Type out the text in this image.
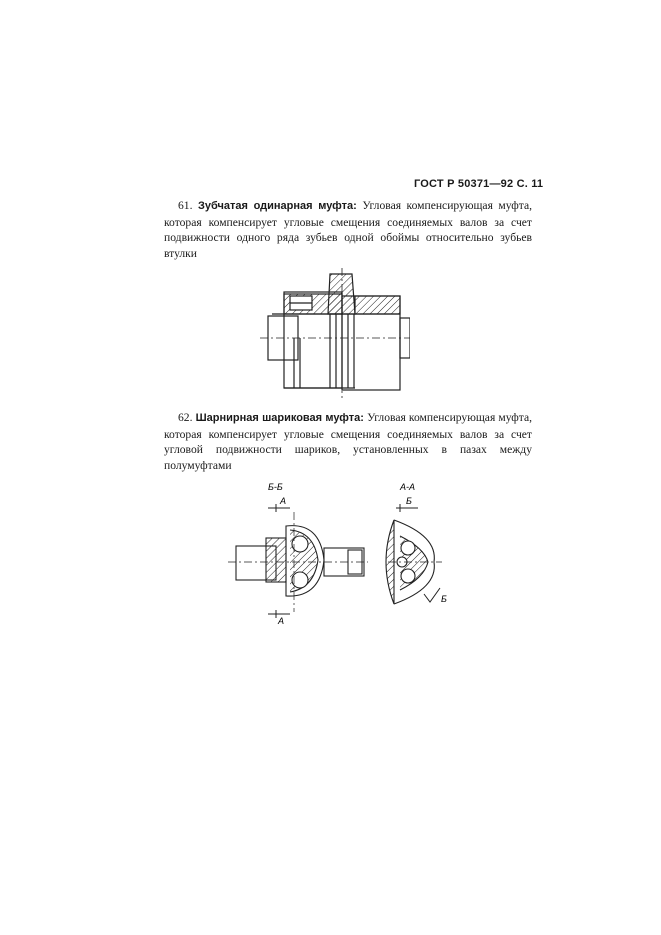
ГОСТ Р 50371—92 С. 11
61. Зубчатая одинарная муфта: Угловая компенсирующая муфта, которая компенсирует угловые смещения соединяемых валов за счет подвижности одного ряда зубьев одной обоймы относительно зубьев втулки
62. Шарнирная шариковая муфта: Угловая компенсирующая муфта, которая компенсирует угловые смещения соединяемых валов за счет угловой подвижности шариков, установленных в пазах между полумуфтами
Б-Б
А
А
А-А
Б
Б
